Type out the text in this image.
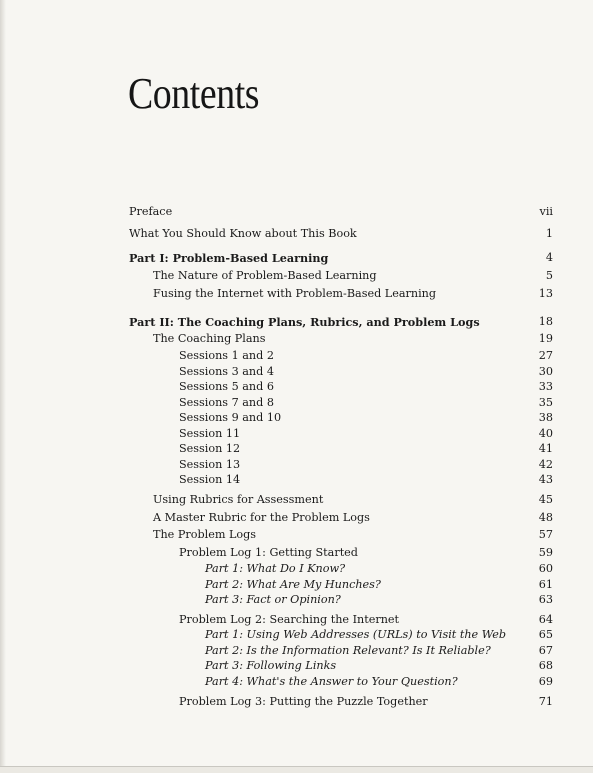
Contents
Preface	vii
What You Should Know about This Book	1
Part I: Problem-Based Learning	4
The Nature of Problem-Based Learning	5
Fusing the Internet with Problem-Based Learning	13
Part II: The Coaching Plans, Rubrics, and Problem Logs	18
The Coaching Plans	19
Sessions 1 and 2	27
Sessions 3 and 4	30
Sessions 5 and 6	33
Sessions 7 and 8	35
Sessions 9 and 10	38
Session 11	40
Session 12	41
Session 13	42
Session 14	43
Using Rubrics for Assessment	45
A Master Rubric for the Problem Logs	48
The Problem Logs	57
Problem Log 1: Getting Started	59
Part 1: What Do I Know?	60
Part 2: What Are My Hunches?	61
Part 3: Fact or Opinion?	63
Problem Log 2: Searching the Internet	64
Part 1: Using Web Addresses (URLs) to Visit the Web	65
Part 2: Is the Information Relevant? Is It Reliable?	67
Part 3: Following Links	68
Part 4: What's the Answer to Your Question?	69
Problem Log 3: Putting the Puzzle Together	71
